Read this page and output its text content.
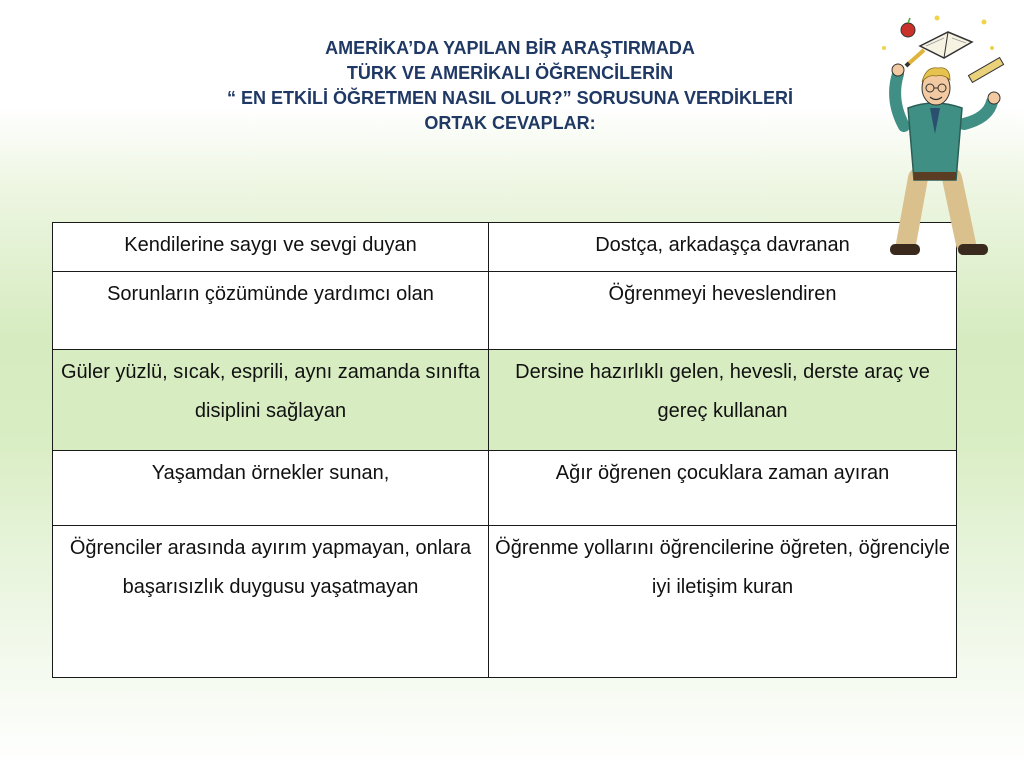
AMERİKA’DA YAPILAN BİR ARAŞTIRMADA
TÜRK VE AMERİKALI ÖĞRENCİLERİN
“ EN ETKİLİ ÖĞRETMEN NASIL OLUR?” SORUSUNA VERDİKLERİ
ORTAK CEVAPLAR:
Kendilerine saygı ve sevgi duyan	Dostça, arkadaşça davranan
Sorunların çözümünde yardımcı olan	Öğrenmeyi heveslendiren
Güler yüzlü, sıcak, esprili, aynı zamanda sınıfta disiplini sağlayan	Dersine hazırlıklı gelen, hevesli, derste araç ve gereç kullanan
Yaşamdan örnekler sunan,	Ağır öğrenen çocuklara zaman ayıran
Öğrenciler arasında ayırım yapmayan, onlara başarısızlık duygusu yaşatmayan	Öğrenme yollarını öğrencilerine öğreten, öğrenciyle iyi iletişim kuran
